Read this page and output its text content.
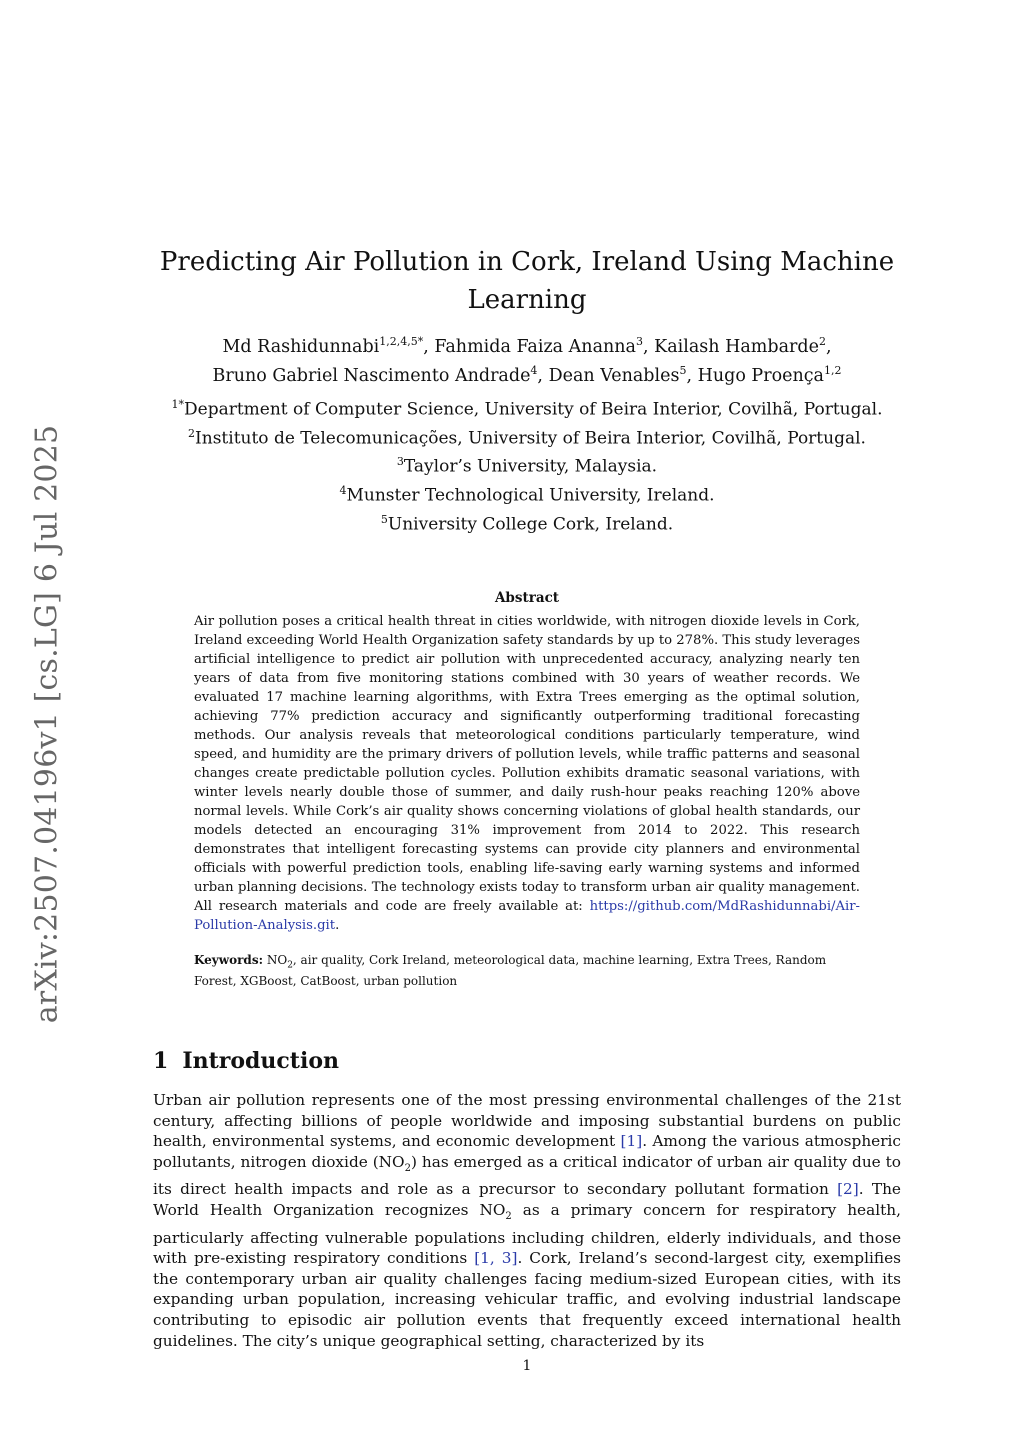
arXiv:2507.04196v1 [cs.LG] 6 Jul 2025
Predicting Air Pollution in Cork, Ireland Using Machine Learning
Md Rashidunnabi$^{1,2,4,5*}$, Fahmida Faiza Ananna$^3$, Kailash Hambarde$^2$,
Bruno Gabriel Nascimento Andrade$^4$, Dean Venables$^5$, Hugo Proença$^{1,2}$
$^{1*}$Department of Computer Science, University of Beira Interior, Covilhã, Portugal.
$^2$Instituto de Telecomunicações, University of Beira Interior, Covilhã, Portugal.
$^3$Taylor’s University, Malaysia.
$^4$Munster Technological University, Ireland.
$^5$University College Cork, Ireland.
Abstract

Air pollution poses a critical health threat in cities worldwide, with nitrogen dioxide levels in Cork, Ireland exceeding World Health Organization safety standards by up to 278%. This study leverages artificial intelligence to predict air pollution with unprecedented accuracy, analyzing nearly ten years of data from five monitoring stations combined with 30 years of weather records. We evaluated 17 machine learning algorithms, with Extra Trees emerging as the optimal solution, achieving 77% prediction accuracy and significantly outperforming traditional forecasting methods. Our analysis reveals that meteorological conditions particularly temperature, wind speed, and humidity are the primary drivers of pollution levels, while traffic patterns and seasonal changes create predictable pollution cycles. Pollution exhibits dramatic seasonal variations, with winter levels nearly double those of summer, and daily rush-hour peaks reaching 120% above normal levels. While Cork’s air quality shows concerning violations of global health standards, our models detected an encouraging 31% improvement from 2014 to 2022. This research demonstrates that intelligent forecasting systems can provide city planners and environmental officials with powerful prediction tools, enabling life-saving early warning systems and informed urban planning decisions. The technology exists today to transform urban air quality management. All research materials and code are freely available at: https://github.com/MdRashidunnabi/Air-Pollution-Analysis.git.

Keywords: $NO_2$, air quality, Cork Ireland, meteorological data, machine learning, Extra Trees, Random Forest, XGBoost, CatBoost, urban pollution
1 Introduction

Urban air pollution represents one of the most pressing environmental challenges of the 21st century, affecting billions of people worldwide and imposing substantial burdens on public health, environmental systems, and economic development [1]. Among the various atmospheric pollutants, nitrogen dioxide $(NO_2)$ has emerged as a critical indicator of urban air quality due to its direct health impacts and role as a precursor to secondary pollutant formation [2]. The World Health Organization recognizes $NO_2$ as a primary concern for respiratory health, particularly affecting vulnerable populations including children, elderly individuals, and those with pre-existing respiratory conditions [1, 3]. Cork, Ireland’s second-largest city, exemplifies the contemporary urban air quality challenges facing medium-sized European cities, with its expanding urban population, increasing vehicular traffic, and evolving industrial landscape contributing to episodic air pollution events that frequently exceed international health guidelines. The city’s unique geographical setting, characterized by its

1
